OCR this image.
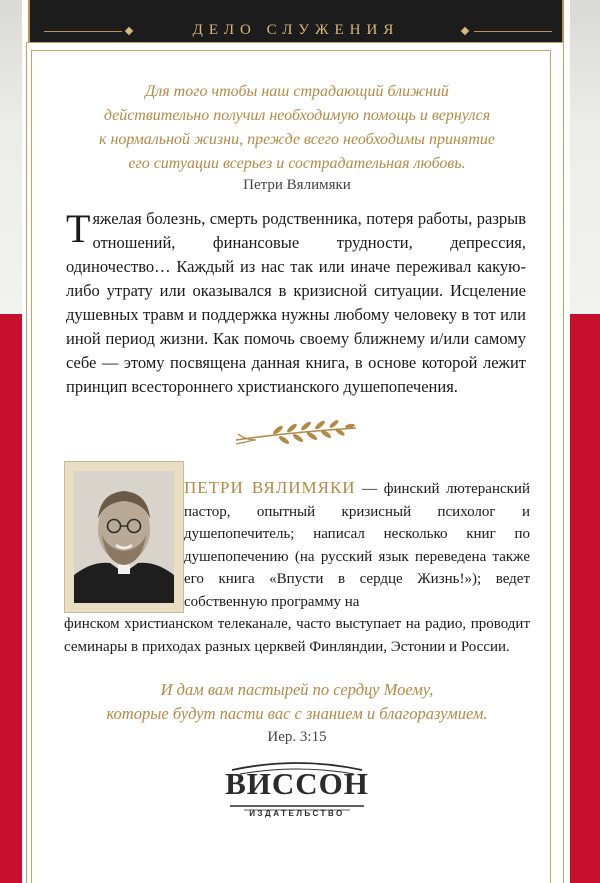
ДЕЛО СЛУЖЕНИЯ
Для того чтобы наш страдающий ближний
действительно получил необходимую помощь и вернулся
к нормальной жизни, прежде всего необходимы принятие
его ситуации всерьез и сострадательная любовь.
Петри Вялимяки
Тяжелая болезнь, смерть родственника, потеря работы, разрыв отношений, финансовые трудности, депрессия, одиночество… Каждый из нас так или иначе переживал какую-либо утрату или оказывался в кризисной ситуации. Исцеление душевных травм и поддержка нужны любому человеку в тот или иной период жизни. Как помочь своему ближнему и/или самому себе — этому посвящена данная книга, в основе которой лежит принцип всестороннего христианского душепопечения.
ПЕТРИ ВЯЛИМЯКИ — финский лютеранский пастор, опытный кризисный психолог и душепопечитель; написал несколько книг по душепопечению (на русский язык переведена также его книга «Впусти в сердце Жизнь!»); ведет собственную программу на
финском христианском телеканале, часто выступает на радио, проводит семинары в приходах разных церквей Финляндии, Эстонии и России.
И дам вам пастырей по сердцу Моему,
которые будут пасти вас с знанием и благоразумием.
Иер. 3:15
ВИССОН
ИЗДАТЕЛЬСТВО
